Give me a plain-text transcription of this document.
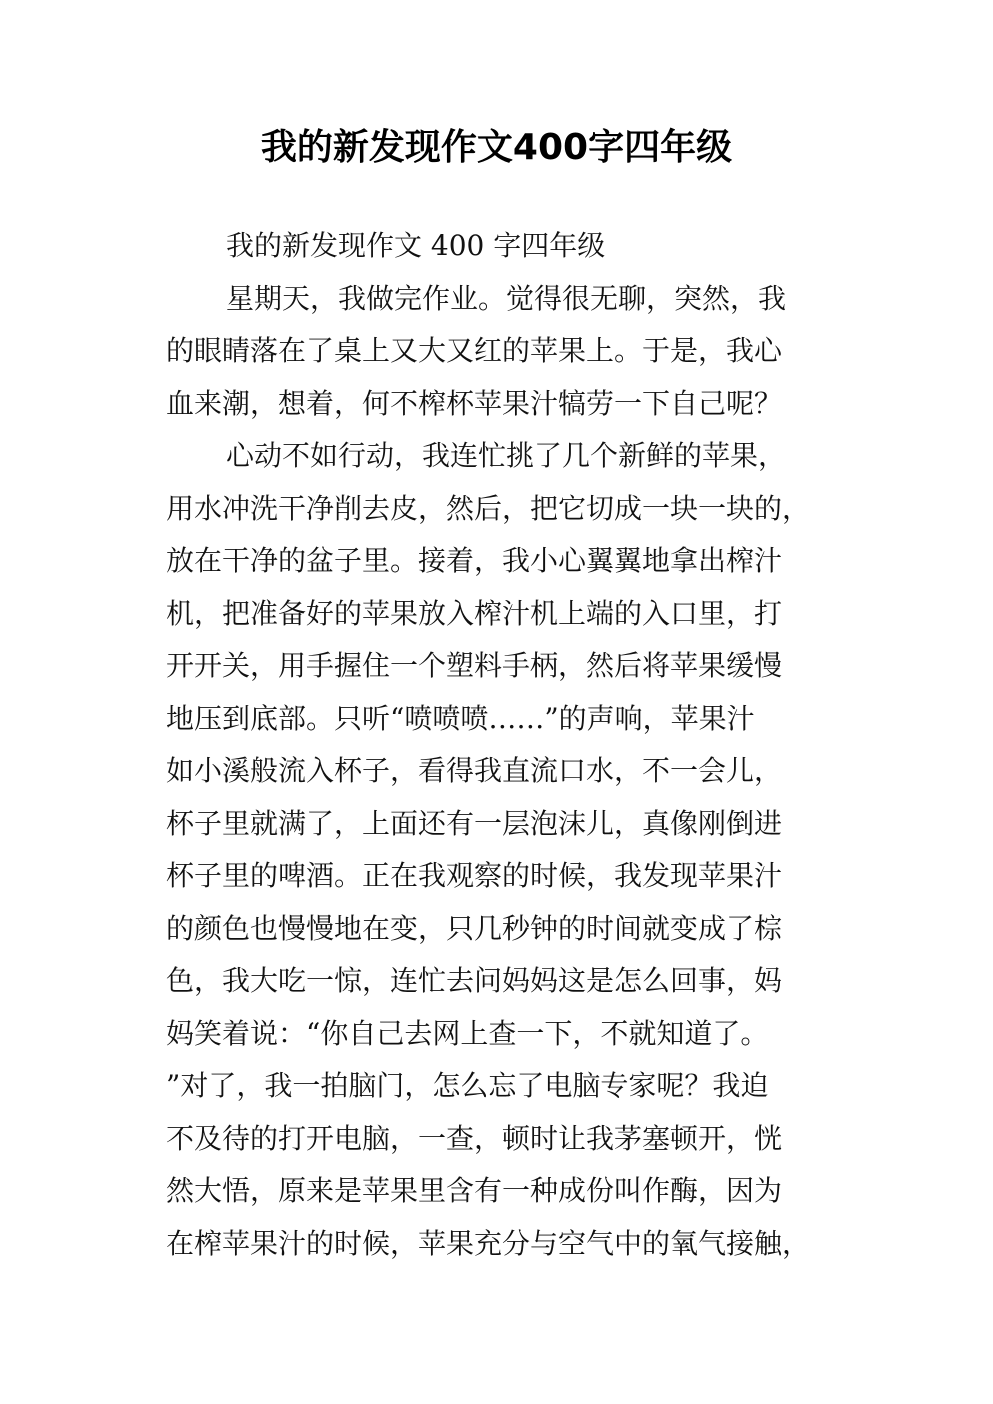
我的新发现作文400字四年级
我的新发现作文 400 字四年级
星期天，我做完作业。觉得很无聊，突然，我
的眼睛落在了桌上又大又红的苹果上。于是，我心
血来潮，想着，何不榨杯苹果汁犒劳一下自己呢？
心动不如行动，我连忙挑了几个新鲜的苹果，
用水冲洗干净削去皮，然后，把它切成一块一块的，
放在干净的盆子里。接着，我小心翼翼地拿出榨汁
机，把准备好的苹果放入榨汁机上端的入口里，打
开开关，用手握住一个塑料手柄，然后将苹果缓慢
地压到底部。只听“喷喷喷……”的声响，苹果汁
如小溪般流入杯子，看得我直流口水，不一会儿，
杯子里就满了，上面还有一层泡沫儿，真像刚倒进
杯子里的啤酒。正在我观察的时候，我发现苹果汁
的颜色也慢慢地在变，只几秒钟的时间就变成了棕
色，我大吃一惊，连忙去问妈妈这是怎么回事，妈
妈笑着说：“你自己去网上查一下，不就知道了。
”对了，我一拍脑门，怎么忘了电脑专家呢？我迫
不及待的打开电脑，一查，顿时让我茅塞顿开，恍
然大悟，原来是苹果里含有一种成份叫作酶，因为
在榨苹果汁的时候，苹果充分与空气中的氧气接触，
